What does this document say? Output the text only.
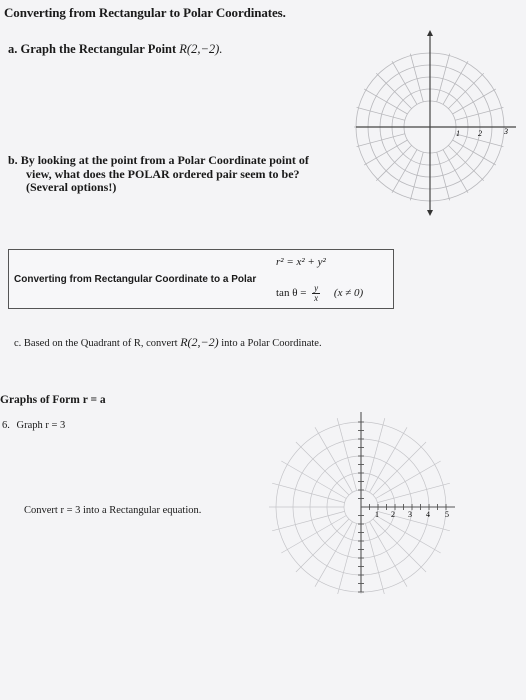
Converting from Rectangular to Polar Coordinates.
a. Graph the Rectangular Point R(2,−2).
b. By looking at the point from a Polar Coordinate point of
view, what does the POLAR ordered pair seem to be?
(Several options!)
1 2	3
Converting from Rectangular Coordinate to a Polar
r² = x² + y²
$\tan \theta = \frac{y}{x} (x \ne 0)$
c. Based on the Quadrant of R, convert R(2,−2) into a Polar Coordinate.
Graphs of Form r = a
6. Graph r = 3
Convert r = 3 into a Rectangular equation.	1 2 3 4 5
